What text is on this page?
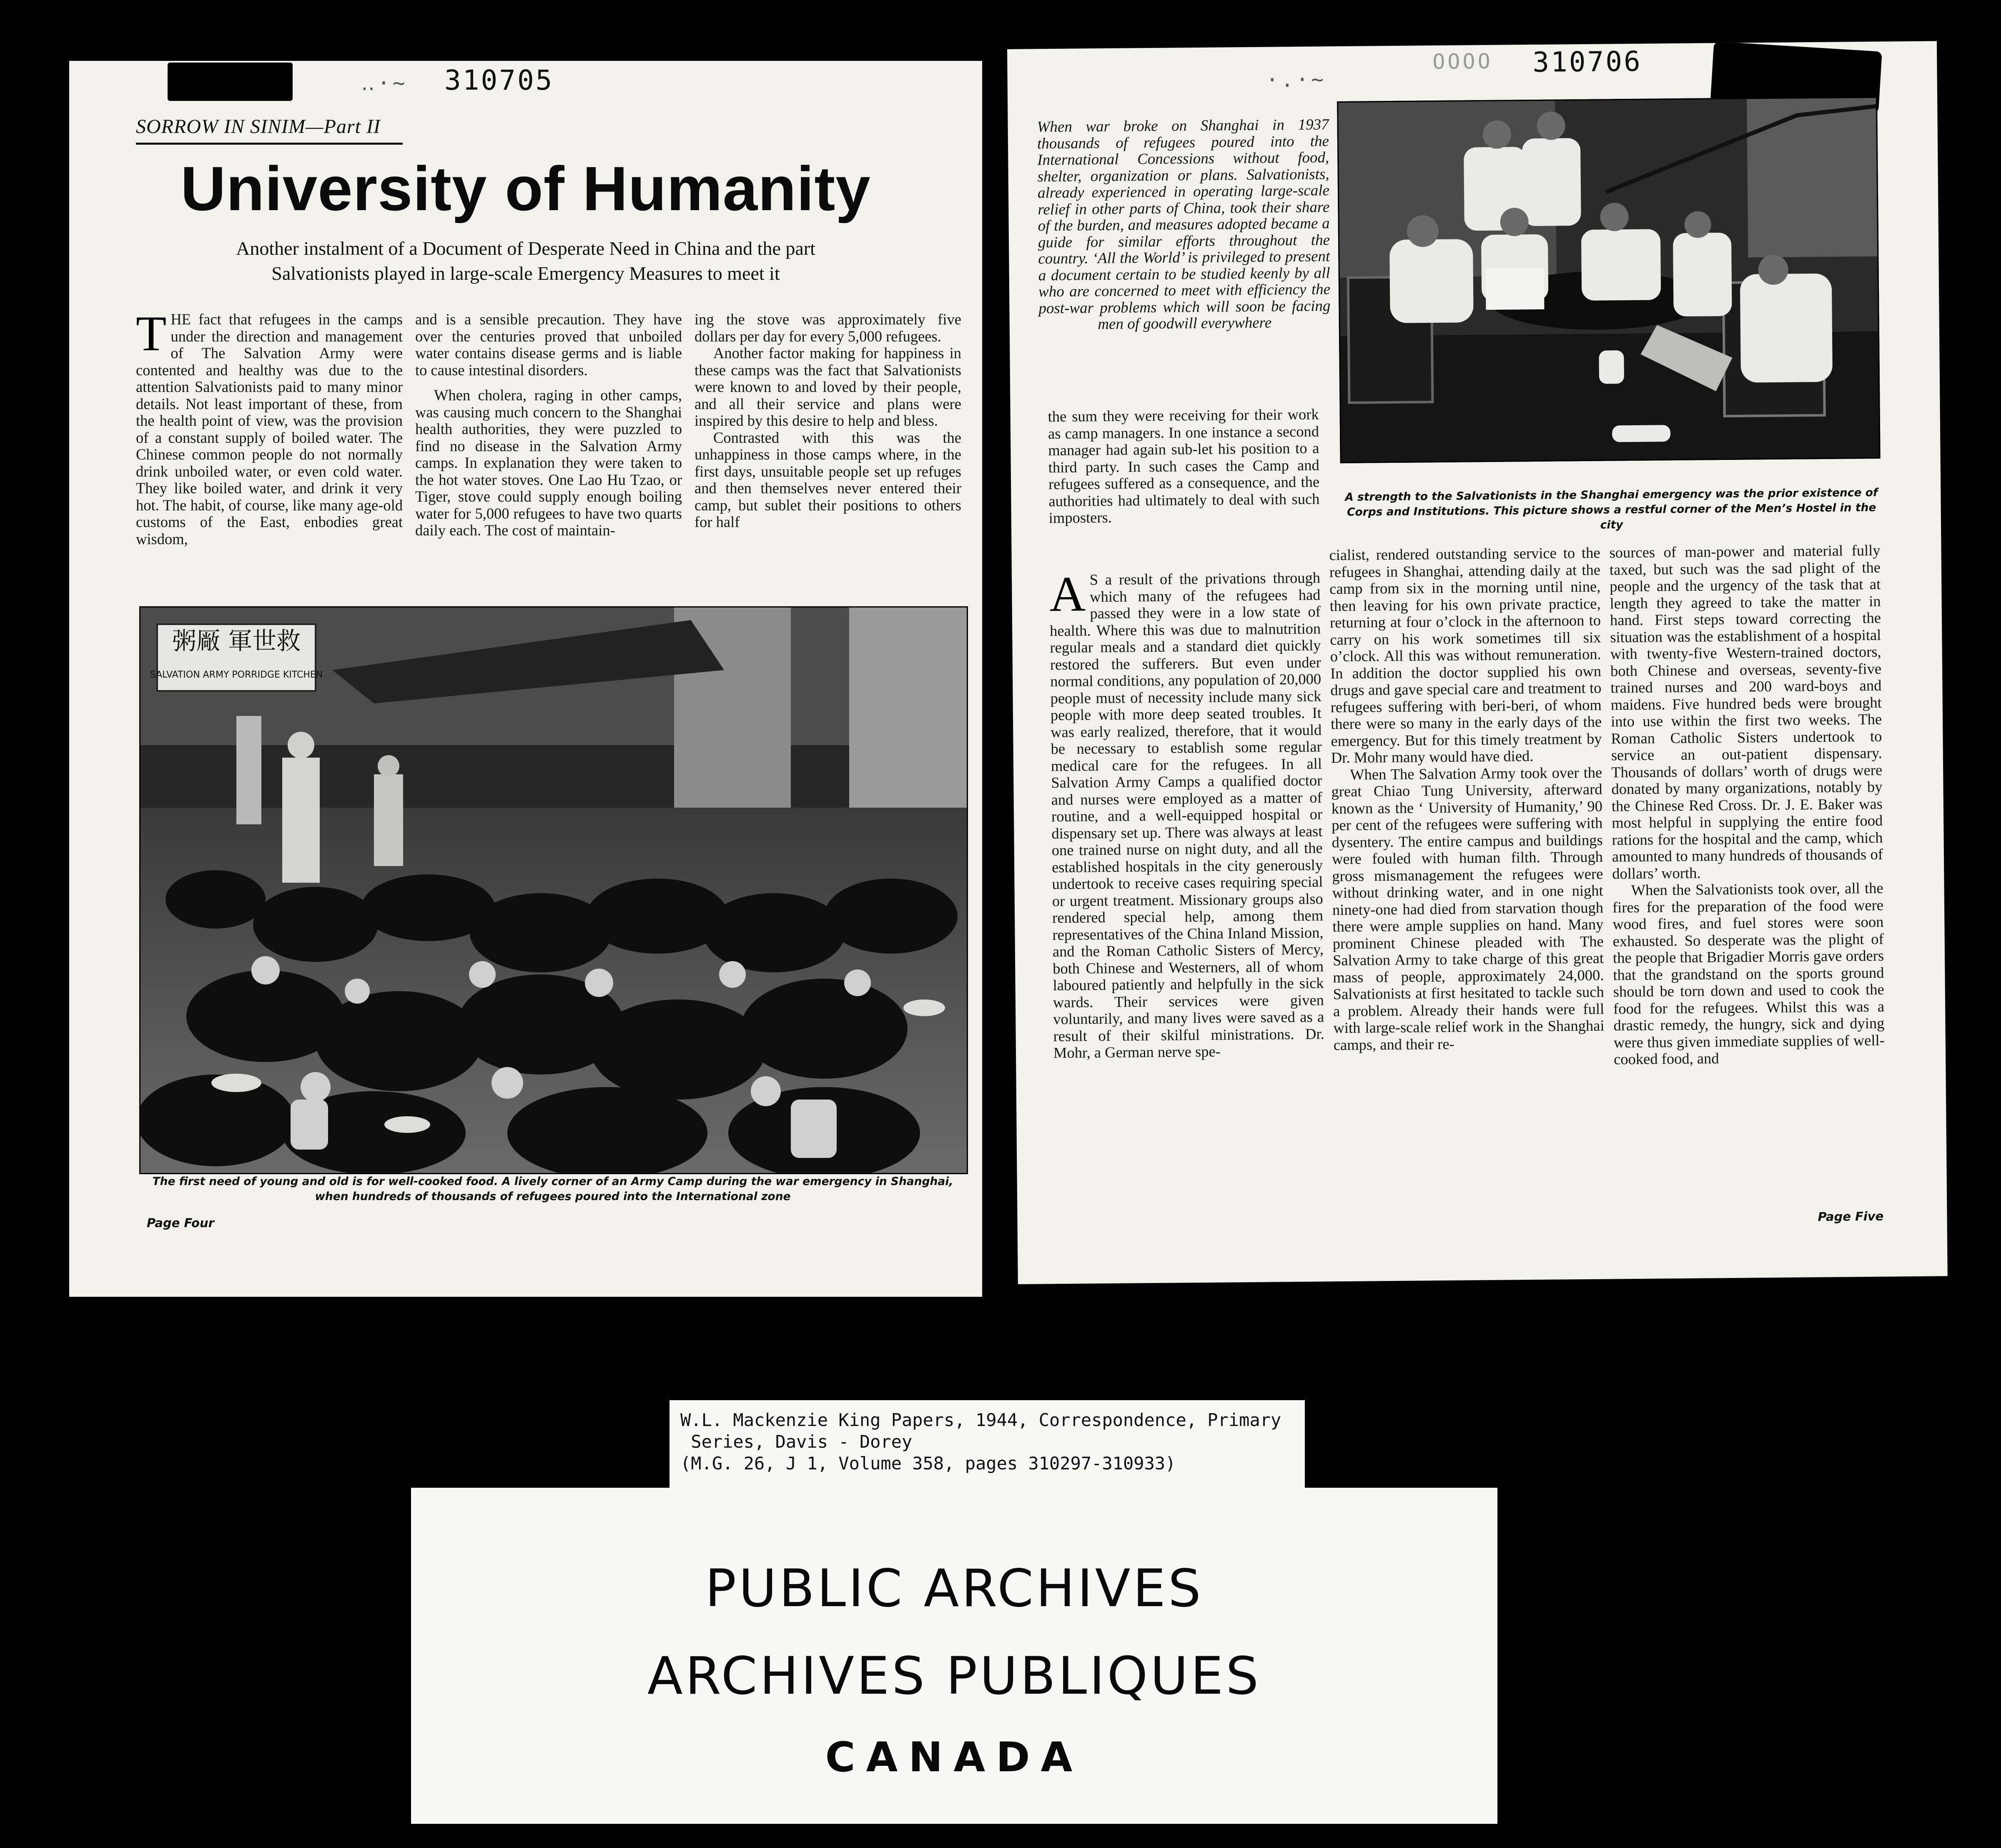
‥·~ 310705
SORROW IN SINIM—Part II
University of Humanity
Another instalment of a Document of Desperate Need in China and the part Salvationists played in large-scale Emergency Measures to meet it
T HE fact that refugees in the camps under the direction and management of The Salvation Army were contented and healthy was due to the attention Salvationists paid to many minor details. Not least important of these, from the health point of view, was the provision of a constant supply of boiled water. The Chinese common people do not normally drink unboiled water, or even cold water. They like boiled water, and drink it very hot. The habit, of course, like many age-old customs of the East, enbodies great wisdom,

and is a sensible precaution. They have over the centuries proved that unboiled water contains disease germs and is liable to cause intestinal disorders.

When cholera, raging in other camps, was causing much concern to the Shanghai health authorities, they were puzzled to find no disease in the Salvation Army camps. In explanation they were taken to the hot water stoves. One Lao Hu Tzao, or Tiger, stove could supply enough boiling water for 5,000 refugees to have two quarts daily each. The cost of maintain-

ing the stove was approximately five dollars per day for every 5,000 refugees.

Another factor making for happiness in these camps was the fact that Salvationists were known to and loved by their people, and all their service and plans were inspired by this desire to help and bless.

Contrasted with this was the unhappiness in those camps where, in the first days, unsuitable people set up refuges and then themselves never entered their camp, but sublet their positions to others for half

粥厰 軍世救
SALVATION ARMY PORRIDGE KITCHEN
The first need of young and old is for well-cooked food. A lively corner of an Army Camp during the war emergency in Shanghai, when hundreds of thousands of refugees poured into the International zone
Page Four
OOOO 310706
·.·~
When war broke on Shanghai in 1937 thousands of refugees poured into the International Concessions without food, shelter, organization or plans. Salvationists, already experienced in operating large-scale relief in other parts of China, took their share of the burden, and measures adopted became a guide for similar efforts throughout the country. ‘All the World’ is privileged to present a document certain to be studied keenly by all who are concerned to meet with efficiency the post-war problems which will soon be facing men of goodwill everywhere
A strength to the Salvationists in the Shanghai emergency was the prior existence of Corps and Institutions. This picture shows a restful corner of the Men’s Hostel in the city

the sum they were receiving for their work as camp managers. In one instance a second manager had again sub-let his position to a third party. In such cases the Camp and refugees suffered as a consequence, and the authorities had ultimately to deal with such imposters.

A S a result of the privations through which many of the refugees had passed they were in a low state of health. Where this was due to malnutrition regular meals and a standard diet quickly restored the sufferers. But even under normal conditions, any population of 20,000 people must of necessity include many sick people with more deep seated troubles. It was early realized, therefore, that it would be necessary to establish some regular medical care for the refugees. In all Salvation Army Camps a qualified doctor and nurses were employed as a matter of routine, and a well-equipped hospital or dispensary set up. There was always at least one trained nurse on night duty, and all the established hospitals in the city generously undertook to receive cases requiring special or urgent treatment. Missionary groups also rendered special help, among them representatives of the China Inland Mission, and the Roman Catholic Sisters of Mercy, both Chinese and Westerners, all of whom laboured patiently and helpfully in the sick wards. Their services were given voluntarily, and many lives were saved as a result of their skilful ministrations. Dr. Mohr, a German nerve spe-

cialist, rendered outstanding service to the refugees in Shanghai, attending daily at the camp from six in the morning until nine, then leaving for his own private practice, returning at four o’clock in the afternoon to carry on his work sometimes till six o’clock. All this was without remuneration. In addition the doctor supplied his own drugs and gave special care and treatment to refugees suffering with beri-beri, of whom there were so many in the early days of the emergency. But for this timely treatment by Dr. Mohr many would have died.

When The Salvation Army took over the great Chiao Tung University, afterward known as the ‘ University of Humanity,’ 90 per cent of the refugees were suffering with dysentery. The entire campus and buildings were fouled with human filth. Through gross mismanagement the refugees were without drinking water, and in one night ninety-one had died from starvation though there were ample supplies on hand. Many prominent Chinese pleaded with The Salvation Army to take charge of this great mass of people, approximately 24,000. Salvationists at first hesitated to tackle such a problem. Already their hands were full with large-scale relief work in the Shanghai camps, and their re-

sources of man-power and material fully taxed, but such was the sad plight of the people and the urgency of the task that at length they agreed to take the matter in hand. First steps toward correcting the situation was the establishment of a hospital with twenty-five Western-trained doctors, both Chinese and overseas, seventy-five trained nurses and 200 ward-boys and maidens. Five hundred beds were brought into use within the first two weeks. The Roman Catholic Sisters undertook to service an out-patient dispensary. Thousands of dollars’ worth of drugs were donated by many organizations, notably by the Chinese Red Cross. Dr. J. E. Baker was most helpful in supplying the entire food rations for the hospital and the camp, which amounted to many hundreds of thousands of dollars’ worth.

When the Salvationists took over, all the fires for the preparation of the food were wood fires, and fuel stores were soon exhausted. So desperate was the plight of the people that Brigadier Morris gave orders that the grandstand on the sports ground should be torn down and used to cook the food for the refugees. Whilst this was a drastic remedy, the hungry, sick and dying were thus given immediate supplies of well-cooked food, and

Page Five
W.L. Mackenzie King Papers, 1944, Correspondence, Primary
Series, Davis - Dorey
(M.G. 26, J 1, Volume 358, pages 310297-310933)
PUBLIC ARCHIVES
ARCHIVES PUBLIQUES
CANADA
